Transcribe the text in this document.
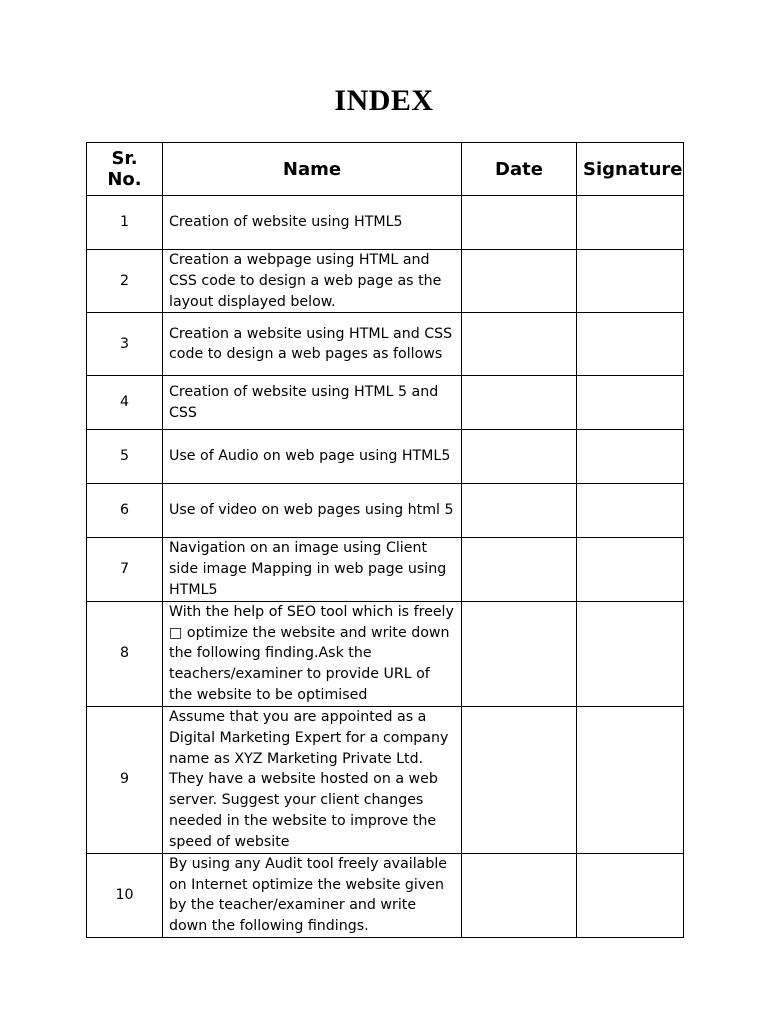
INDEX
Sr. No.	Name	Date	Signature
1	Creation of website using HTML5		
2	Creation a webpage using HTML and CSS code to design a web page as the layout displayed below.		
3	Creation a website using HTML and CSS code to design a web pages as follows		
4	Creation of website using HTML 5 and CSS		
5	Use of Audio on web page using HTML5		
6	Use of video on web pages using html 5		
7	Navigation on an image using Client side image Mapping in web page using HTML5		
8	With the help of SEO tool which is freely □ optimize the website and write down the following finding.Ask the teachers/examiner to provide URL of the website to be optimised		
9	Assume that you are appointed as a Digital Marketing Expert for a company name as XYZ Marketing Private Ltd. They have a website hosted on a web server. Suggest your client changes needed in the website to improve the speed of website		
10	By using any Audit tool freely available on Internet optimize the website given by the teacher/examiner and write down the following findings.		
